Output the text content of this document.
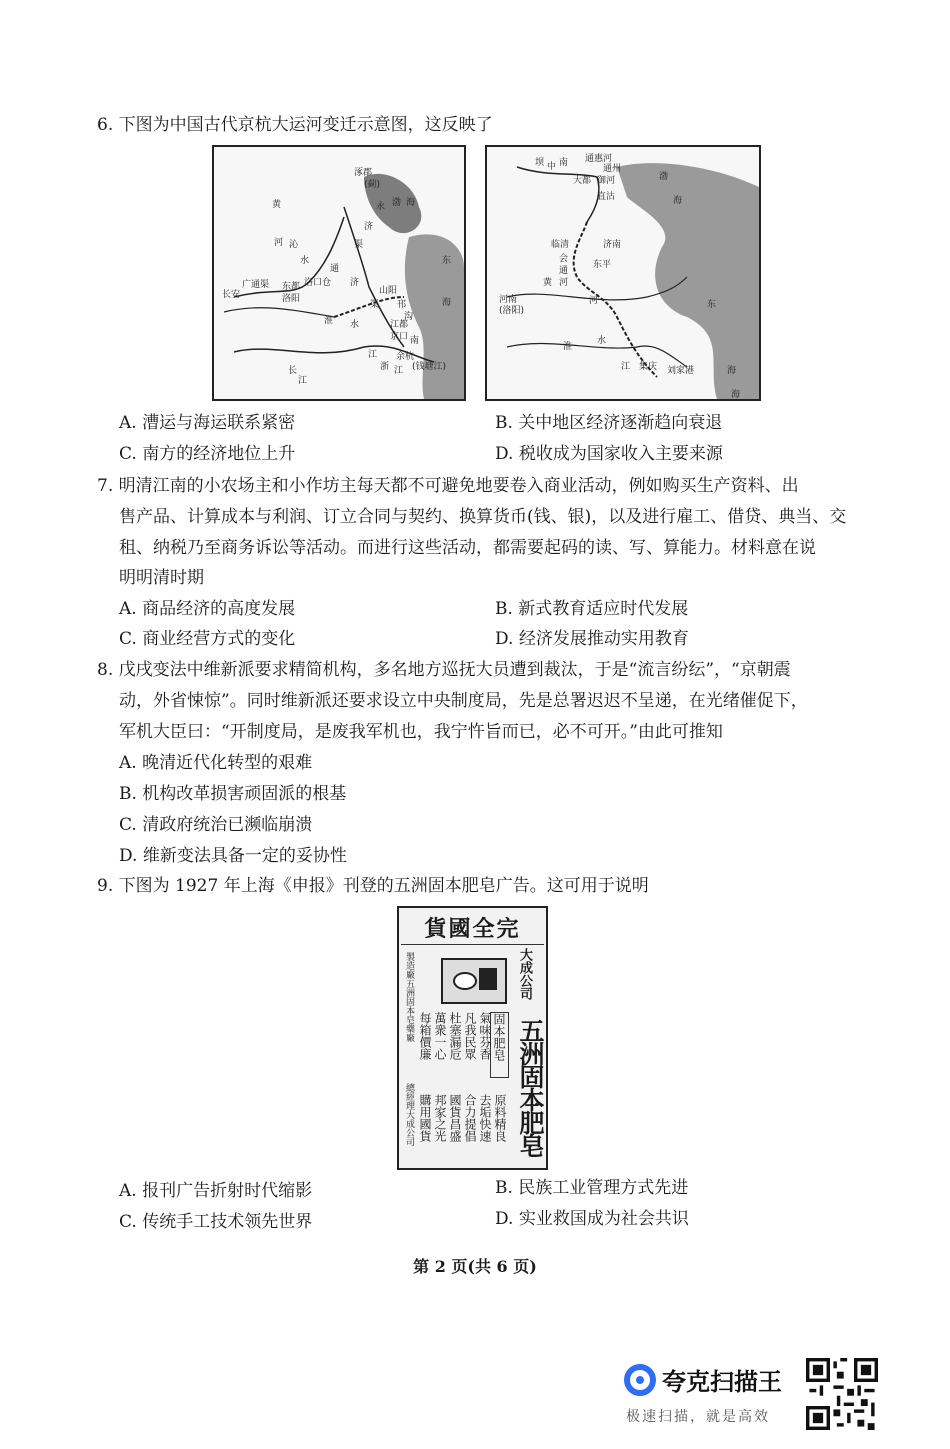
6. 下图为中国古代京杭大运河变迁示意图，这反映了
涿郡
(蓟)
渤 海
黄	永
济
渠
河 沁
水
通
东
长安
广通渠 东都
洛阳
洛口仓 济
山阳
邗
沟
渠	海
淮 水	江都
京口
长
江
浙 江
余杭
(钱塘江)
江
南
坝	通惠河
中 南
通州
大都 御河
直沽
渤
海
临清	济南
会
通
河
东平
黄
河
河南
(洛阳)
东
淮
水
海
江 集庆 刘家港	海
A. 漕运与海运联系紧密	B. 关中地区经济逐渐趋向衰退
C. 南方的经济地位上升	D. 税收成为国家收入主要来源
7. 明清江南的小农场主和小作坊主每天都不可避免地要卷入商业活动，例如购买生产资料、出
售产品、计算成本与利润、订立合同与契约、换算货币(钱、银)，以及进行雇工、借贷、典当、交
租、纳税乃至商务诉讼等活动。而进行这些活动，都需要起码的读、写、算能力。材料意在说
明明清时期
A. 商品经济的高度发展	B. 新式教育适应时代发展
C. 商业经营方式的变化	D. 经济发展推动实用教育
8. 戊戌变法中维新派要求精简机构，多名地方巡抚大员遭到裁汰，于是“流言纷纭”，“京朝震
动，外省悚惊”。同时维新派还要求设立中央制度局，先是总署迟迟不呈递，在光绪催促下，
军机大臣曰：“开制度局，是废我军机也，我宁忤旨而已，必不可开。”由此可推知
A. 晚清近代化转型的艰难
B. 机构改革损害顽固派的根基
C. 清政府统治已濒临崩溃
D. 维新变法具备一定的妥协性
9. 下图为 1927 年上海《申报》刊登的五洲固本肥皂广告。这可用于说明
貨國全完
製造廠五洲固本皂藥廠
總經理大成公司
大成公司
五洲固本肥皂
固本肥皂
氣味芬香
凡我民眾
杜塞漏卮
萬衆一心
每箱價廉
原料精良
去垢快速
合力提倡
國貨昌盛
邦家之光
購用國貨
A. 报刊广告折射时代缩影	B. 民族工业管理方式先进
C. 传统手工技术领先世界	D. 实业救国成为社会共识
第 2 页(共 6 页)
夸克扫描王
极速扫描，就是高效
